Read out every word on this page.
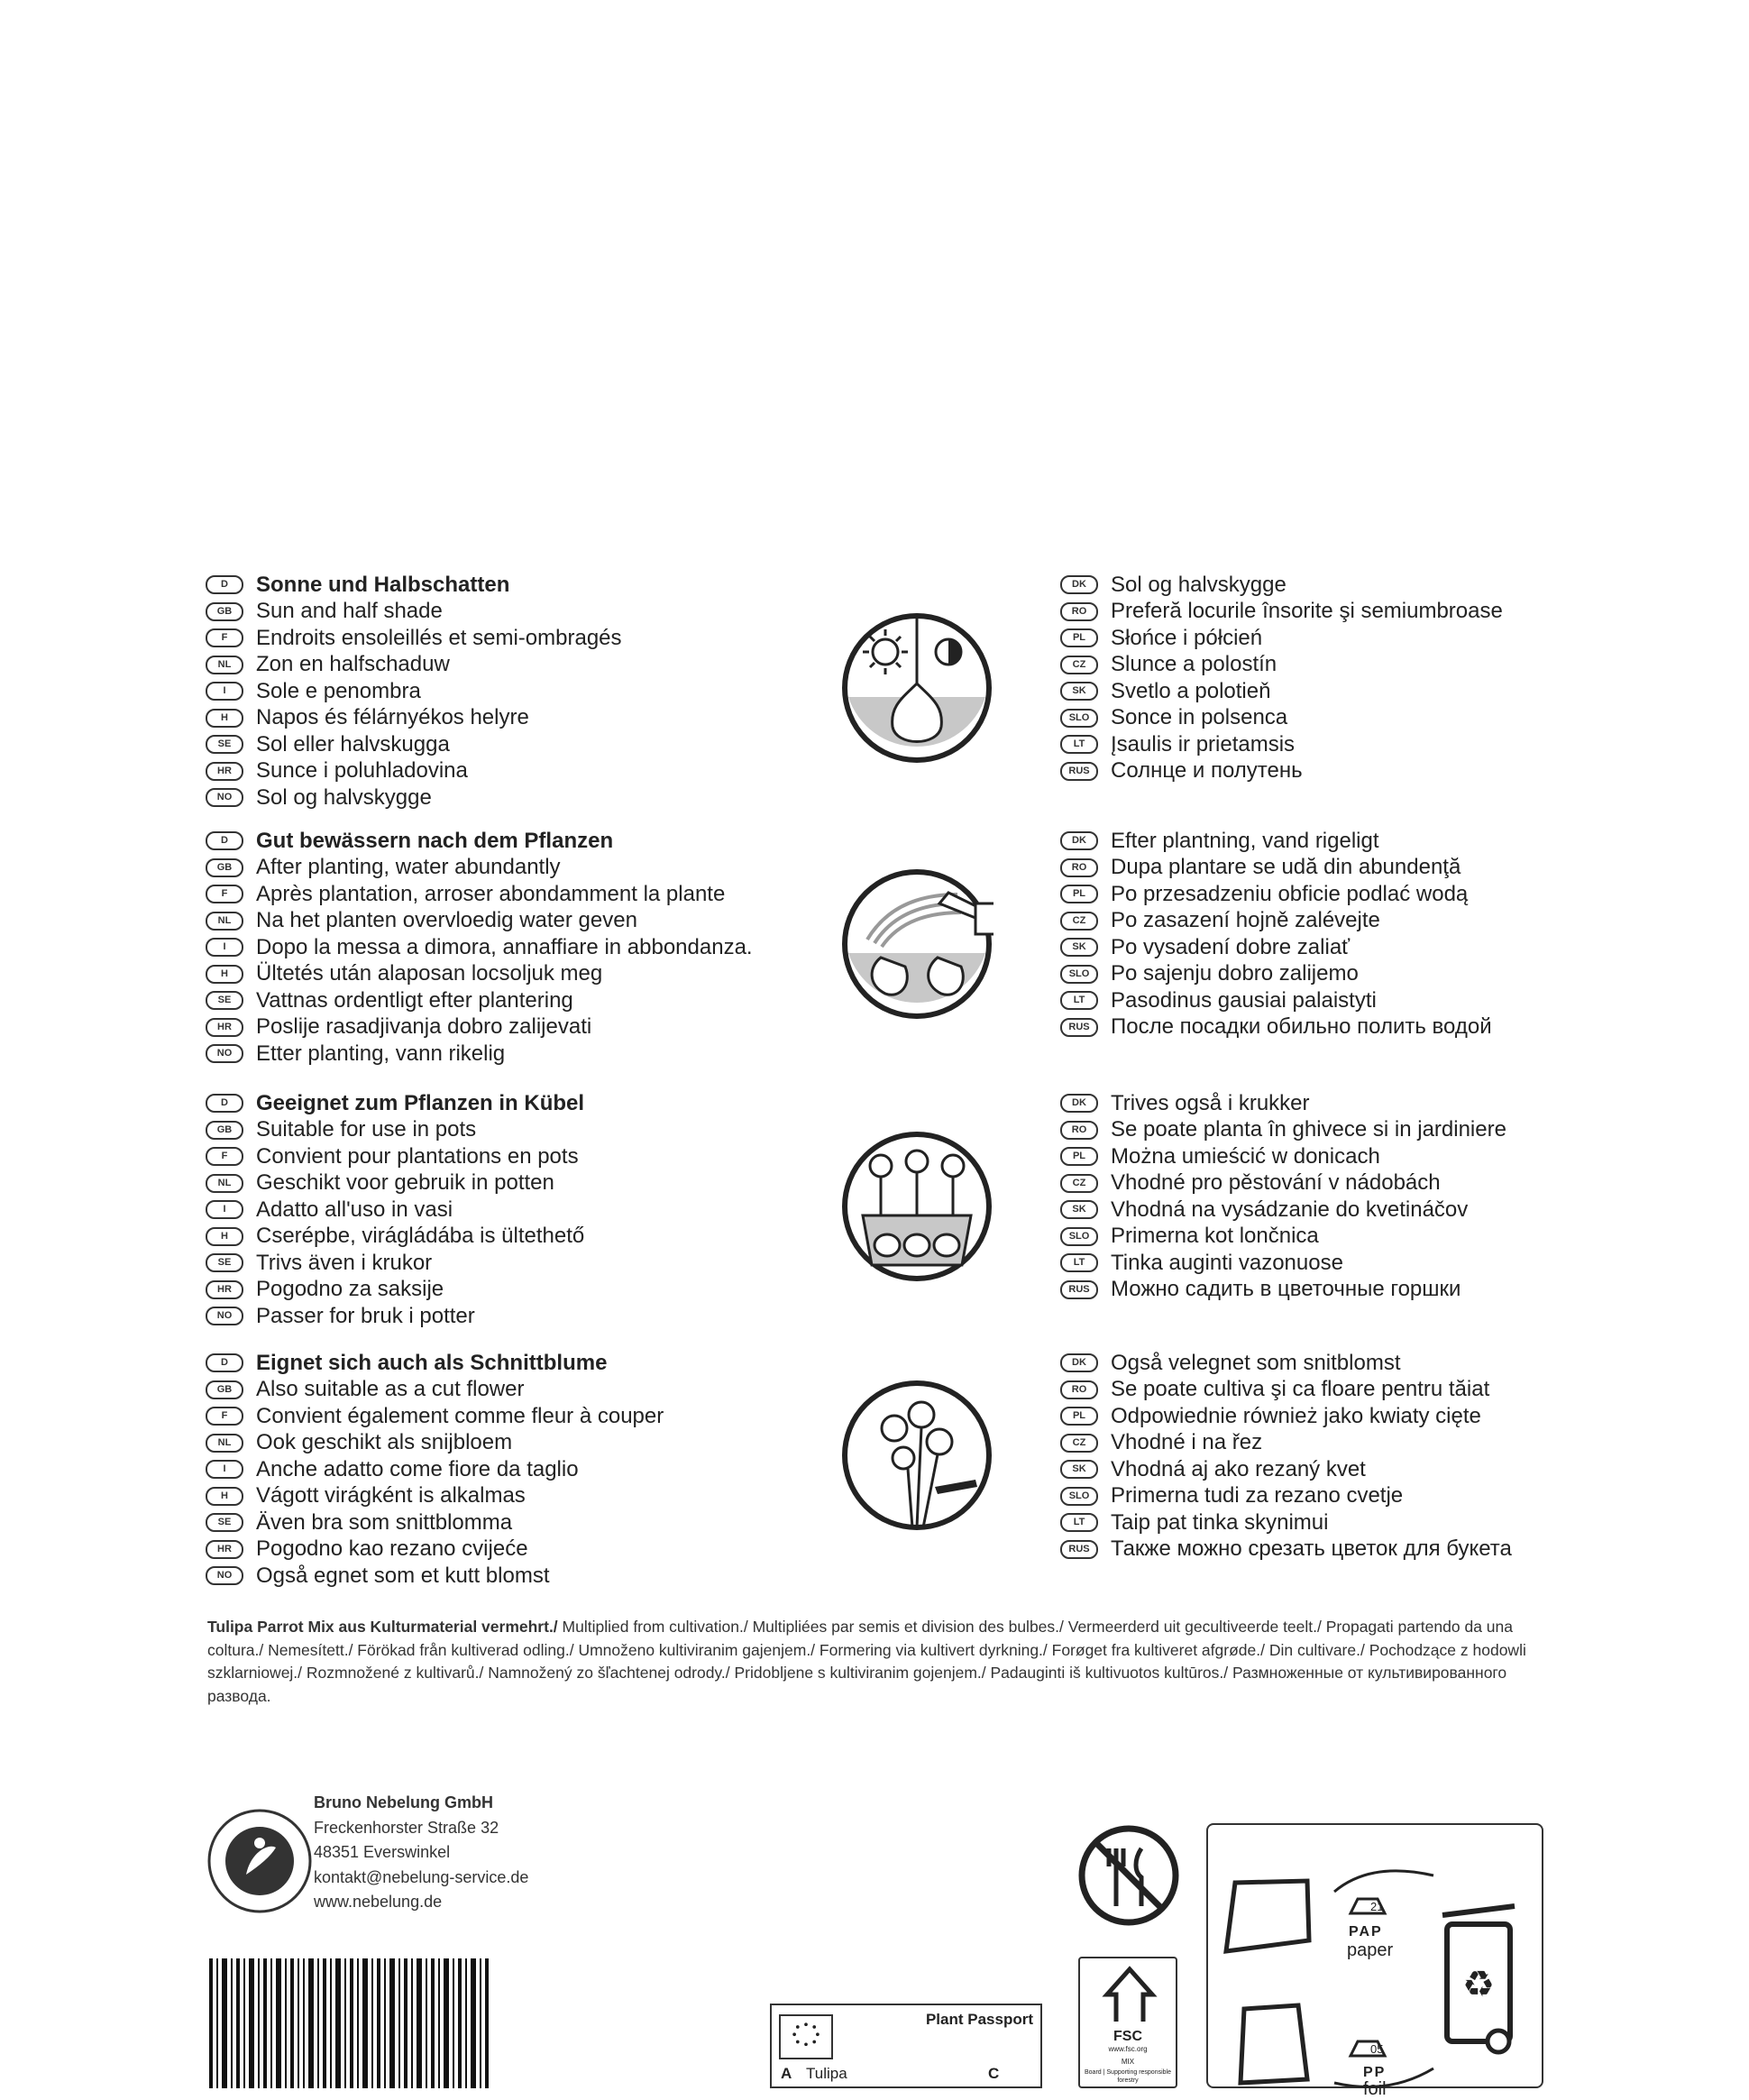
D	Sonne und Halbschatten
GB	Sun and half shade
F	Endroits ensoleillés et semi-ombragés
NL	Zon en halfschaduw
I	Sole e penombra
H	Napos és félárnyékos helyre
SE	Sol eller halvskugga
HR	Sunce i poluhladovina
NO	Sol og halvskygge
DK	Sol og halvskygge
RO	Preferă locurile însorite şi semiumbroase
PL	Słońce i półcień
CZ	Slunce a polostín
SK	Svetlo a polotieň
SLO Sonce in polsenca
LT	Įsaulis ir prietamsis
RUS Солнце и полутень
D	Gut bewässern nach dem Pflanzen
GB	After planting, water abundantly
F	Après plantation, arroser abondamment la plante
NL	Na het planten overvloedig water geven
I	Dopo la messa a dimora, annaffiare in abbondanza.
H	Ültetés után alaposan locsoljuk meg
SE	Vattnas ordentligt efter plantering
HR	Poslije rasadjivanja dobro zalijevati
NO	Etter planting, vann rikelig
DK	Efter plantning, vand rigeligt
RO	Dupa plantare se udă din abundenţă
PL	Po przesadzeniu obficie podlać wodą
CZ	Po zasazení hojně zalévejte
SK	Po vysadení dobre zaliať
SLO Po sajenju dobro zalijemo
LT	Pasodinus gausiai palaistyti
RUS После посадки обильно полить водой
D	Geeignet zum Pflanzen in Kübel
GB	Suitable for use in pots
F	Convient pour plantations en pots
NL	Geschikt voor gebruik in potten
I	Adatto all'uso in vasi
H	Cserépbe, virágládába is ültethető
SE	Trivs även i krukor
HR	Pogodno za saksije
NO	Passer for bruk i potter
DK	Trives også i krukker
RO	Se poate planta în ghivece si in jardiniere
PL	Można umieścić w donicach
CZ	Vhodné pro pěstování v nádobách
SK	Vhodná na vysádzanie do kvetináčov
SLO Primerna kot lončnica
LT	Tinka auginti vazonuose
RUS Можно садить в цветочные горшки
D	Eignet sich auch als Schnittblume
GB	Also suitable as a cut flower
F	Convient également comme fleur à couper
NL	Ook geschikt als snijbloem
I	Anche adatto come fiore da taglio
H	Vágott virágként is alkalmas
SE	Även bra som snittblomma
HR	Pogodno kao rezano cvijeće
NO	Også egnet som et kutt blomst
DK	Også velegnet som snitblomst
RO	Se poate cultiva şi ca floare pentru tăiat
PL	Odpowiednie również jako kwiaty cięte
CZ	Vhodné i na řez
SK	Vhodná aj ako rezaný kvet
SLO Primerna tudi za rezano cvetje
LT	Taip pat tinka skynimui
RUS Также можно срезать цветок для букета
Tulipa Parrot Mix aus Kulturmaterial vermehrt./ Multiplied from cultivation./ Multipliées par semis et division des bulbes./ Vermeerderd uit gecultiveerde teelt./ Propagati partendo da una coltura./ Nemesített./ Förökad från kultiverad odling./ Umnoženo kultiviranim gajenjem./ Formering via kultivert dyrkning./ Forøget fra kultiveret afgrøde./ Din cultivare./ Pochodzące z hodowli szklarniowej./ Rozmnožené z kultivarů./ Namnožený zo šľachtenej odrody./ Pridobljene s kultiviranim gojenjem./ Padauginti iš kultivuotos kultūros./ Размноженные от культивированного развода.
Bruno Nebelung GmbH
Freckenhorster Straße 32
48351 Everswinkel
kontakt@nebelung-service.de
www.nebelung.de
Plant Passport
A Tulipa	C
FSC
www.fsc.org
MIX
Board | Supporting responsible forestry
♻
21
PAP
paper
05
PP
foil
